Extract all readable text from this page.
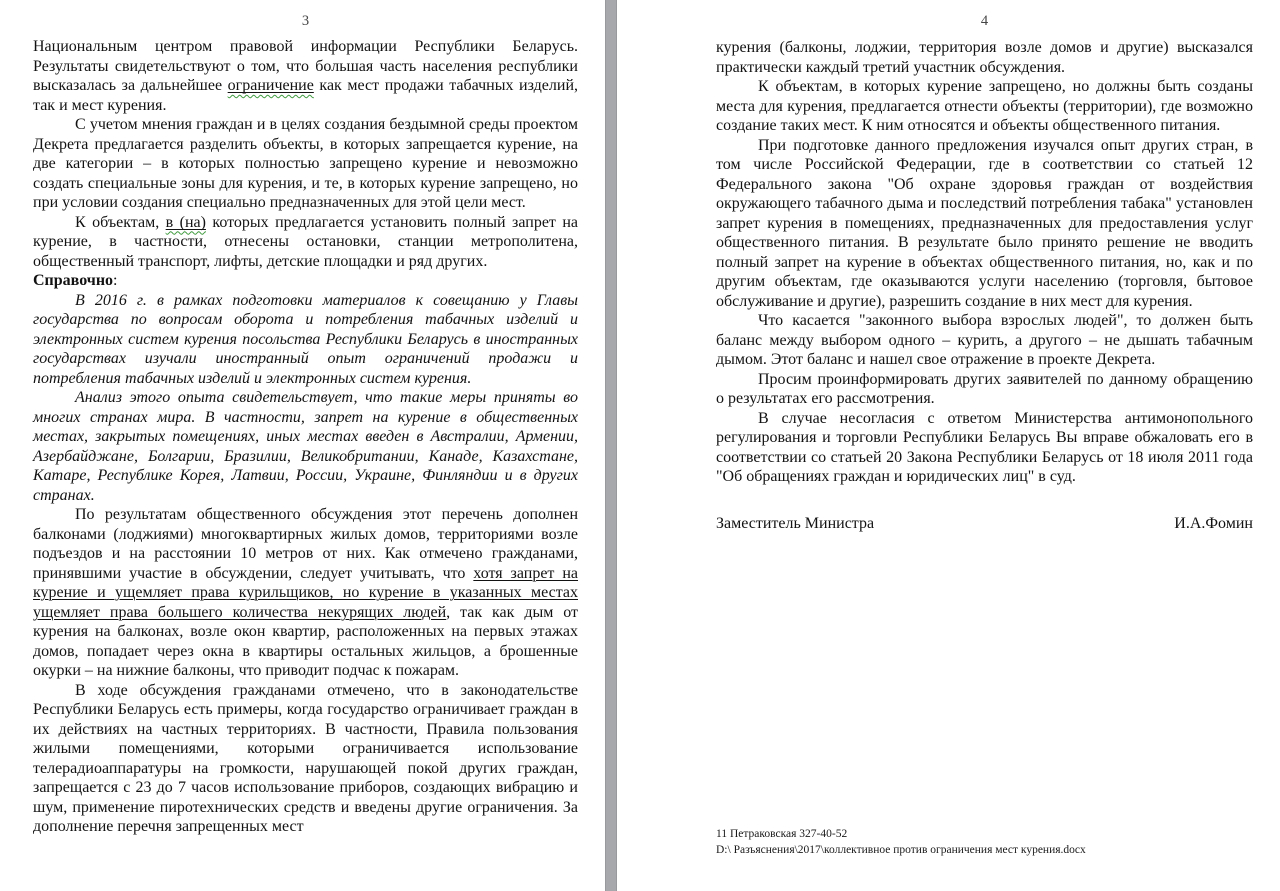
3

Национальным центром правовой информации Республики Беларусь. Результаты свидетельствуют о том, что большая часть населения республики высказалась за дальнейшее ограничение как мест продажи табачных изделий, так и мест курения.

С учетом мнения граждан и в целях создания бездымной среды проектом Декрета предлагается разделить объекты, в которых запрещается курение, на две категории – в которых полностью запрещено курение и невозможно создать специальные зоны для курения, и те, в которых курение запрещено, но при условии создания специально предназначенных для этой цели мест.

К объектам, в (на) которых предлагается установить полный запрет на курение, в частности, отнесены остановки, станции метрополитена, общественный транспорт, лифты, детские площадки и ряд других.

Справочно:

В 2016 г. в рамках подготовки материалов к совещанию у Главы государства по вопросам оборота и потребления табачных изделий и электронных систем курения посольства Республики Беларусь в иностранных государствах изучали иностранный опыт ограничений продажи и потребления табачных изделий и электронных систем курения.

Анализ этого опыта свидетельствует, что такие меры приняты во многих странах мира. В частности, запрет на курение в общественных местах, закрытых помещениях, иных местах введен в Австралии, Армении, Азербайджане, Болгарии, Бразилии, Великобритании, Канаде, Казахстане, Катаре, Республике Корея, Латвии, России, Украине, Финляндии и в других странах.

По результатам общественного обсуждения этот перечень дополнен балконами (лоджиями) многоквартирных жилых домов, территориями возле подъездов и на расстоянии 10 метров от них. Как отмечено гражданами, принявшими участие в обсуждении, следует учитывать, что хотя запрет на курение и ущемляет права курильщиков, но курение в указанных местах ущемляет права большего количества некурящих людей, так как дым от курения на балконах, возле окон квартир, расположенных на первых этажах домов, попадает через окна в квартиры остальных жильцов, а брошенные окурки – на нижние балконы, что приводит подчас к пожарам.

В ходе обсуждения гражданами отмечено, что в законодательстве Республики Беларусь есть примеры, когда государство ограничивает граждан в их действиях на частных территориях. В частности, Правила пользования жилыми помещениями, которыми ограничивается использование телерадиоаппаратуры на громкости, нарушающей покой других граждан, запрещается с 23 до 7 часов использование приборов, создающих вибрацию и шум, применение пиротехнических средств и введены другие ограничения. За дополнение перечня запрещенных мест

4

курения (балконы, лоджии, территория возле домов и другие) высказался практически каждый третий участник обсуждения.

К объектам, в которых курение запрещено, но должны быть созданы места для курения, предлагается отнести объекты (территории), где возможно создание таких мест. К ним относятся и объекты общественного питания.

При подготовке данного предложения изучался опыт других стран, в том числе Российской Федерации, где в соответствии со статьей 12 Федерального закона "Об охране здоровья граждан от воздействия окружающего табачного дыма и последствий потребления табака" установлен запрет курения в помещениях, предназначенных для предоставления услуг общественного питания. В результате было принято решение не вводить полный запрет на курение в объектах общественного питания, но, как и по другим объектам, где оказываются услуги населению (торговля, бытовое обслуживание и другие), разрешить создание в них мест для курения.

Что касается "законного выбора взрослых людей", то должен быть баланс между выбором одного – курить, а другого – не дышать табачным дымом. Этот баланс и нашел свое отражение в проекте Декрета.

Просим проинформировать других заявителей по данному обращению о результатах его рассмотрения.

В случае несогласия с ответом Министерства антимонопольного регулирования и торговли Республики Беларусь Вы вправе обжаловать его в соответствии со статьей 20 Закона Республики Беларусь от 18 июля 2011 года "Об обращениях граждан и юридических лиц" в суд.

Заместитель Министра	И.А.Фомин
11 Петраковская 327-40-52
D:\ Разъяснения\2017\коллективное против ограничения мест курения.docx
